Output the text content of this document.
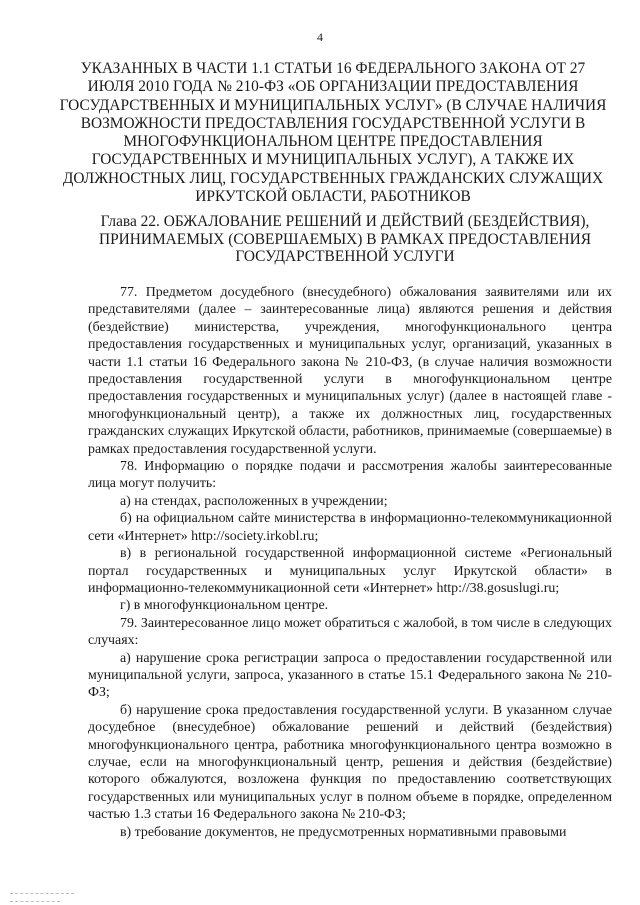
4
УКАЗАННЫХ В ЧАСТИ 1.1 СТАТЬИ 16 ФЕДЕРАЛЬНОГО ЗАКОНА ОТ 27 ИЮЛЯ 2010 ГОДА № 210-ФЗ «ОБ ОРГАНИЗАЦИИ ПРЕДОСТАВЛЕНИЯ ГОСУДАРСТВЕННЫХ И МУНИЦИПАЛЬНЫХ УСЛУГ» (В СЛУЧАЕ НАЛИЧИЯ ВОЗМОЖНОСТИ ПРЕДОСТАВЛЕНИЯ ГОСУДАРСТВЕННОЙ УСЛУГИ В МНОГОФУНКЦИОНАЛЬНОМ ЦЕНТРЕ ПРЕДОСТАВЛЕНИЯ ГОСУДАРСТВЕННЫХ И МУНИЦИПАЛЬНЫХ УСЛУГ), А ТАКЖЕ ИХ ДОЛЖНОСТНЫХ ЛИЦ, ГОСУДАРСТВЕННЫХ ГРАЖДАНСКИХ СЛУЖАЩИХ ИРКУТСКОЙ ОБЛАСТИ, РАБОТНИКОВ
Глава 22. ОБЖАЛОВАНИЕ РЕШЕНИЙ И ДЕЙСТВИЙ (БЕЗДЕЙСТВИЯ), ПРИНИМАЕМЫХ (СОВЕРШАЕМЫХ) В РАМКАХ ПРЕДОСТАВЛЕНИЯ ГОСУДАРСТВЕННОЙ УСЛУГИ

77. Предметом досудебного (внесудебного) обжалования заявителями или их представителями (далее – заинтересованные лица) являются решения и действия (бездействие) министерства, учреждения, многофункционального центра предоставления государственных и муниципальных услуг, организаций, указанных в части 1.1 статьи 16 Федерального закона № 210-ФЗ, (в случае наличия возможности предоставления государственной услуги в многофункциональном центре предоставления государственных и муниципальных услуг) (далее в настоящей главе - многофункциональный центр), а также их должностных лиц, государственных гражданских служащих Иркутской области, работников, принимаемые (совершаемые) в рамках предоставления государственной услуги.

78. Информацию о порядке подачи и рассмотрения жалобы заинтересованные лица могут получить:

а) на стендах, расположенных в учреждении;

б) на официальном сайте министерства в информационно-телекоммуникационной сети «Интернет» http://society.irkobl.ru;

в) в региональной государственной информационной системе «Региональный портал государственных и муниципальных услуг Иркутской области» в информационно-телекоммуникационной сети «Интернет» http://38.gosuslugi.ru;

г) в многофункциональном центре.

79. Заинтересованное лицо может обратиться с жалобой, в том числе в следующих случаях:

а) нарушение срока регистрации запроса о предоставлении государственной или муниципальной услуги, запроса, указанного в статье 15.1 Федерального закона № 210-ФЗ;

б) нарушение срока предоставления государственной услуги. В указанном случае досудебное (внесудебное) обжалование решений и действий (бездействия) многофункционального центра, работника многофункционального центра возможно в случае, если на многофункциональный центр, решения и действия (бездействие) которого обжалуются, возложена функция по предоставлению соответствующих государственных или муниципальных услуг в полном объеме в порядке, определенном частью 1.3 статьи 16 Федерального закона № 210-ФЗ;

в) требование документов, не предусмотренных нормативными правовыми
